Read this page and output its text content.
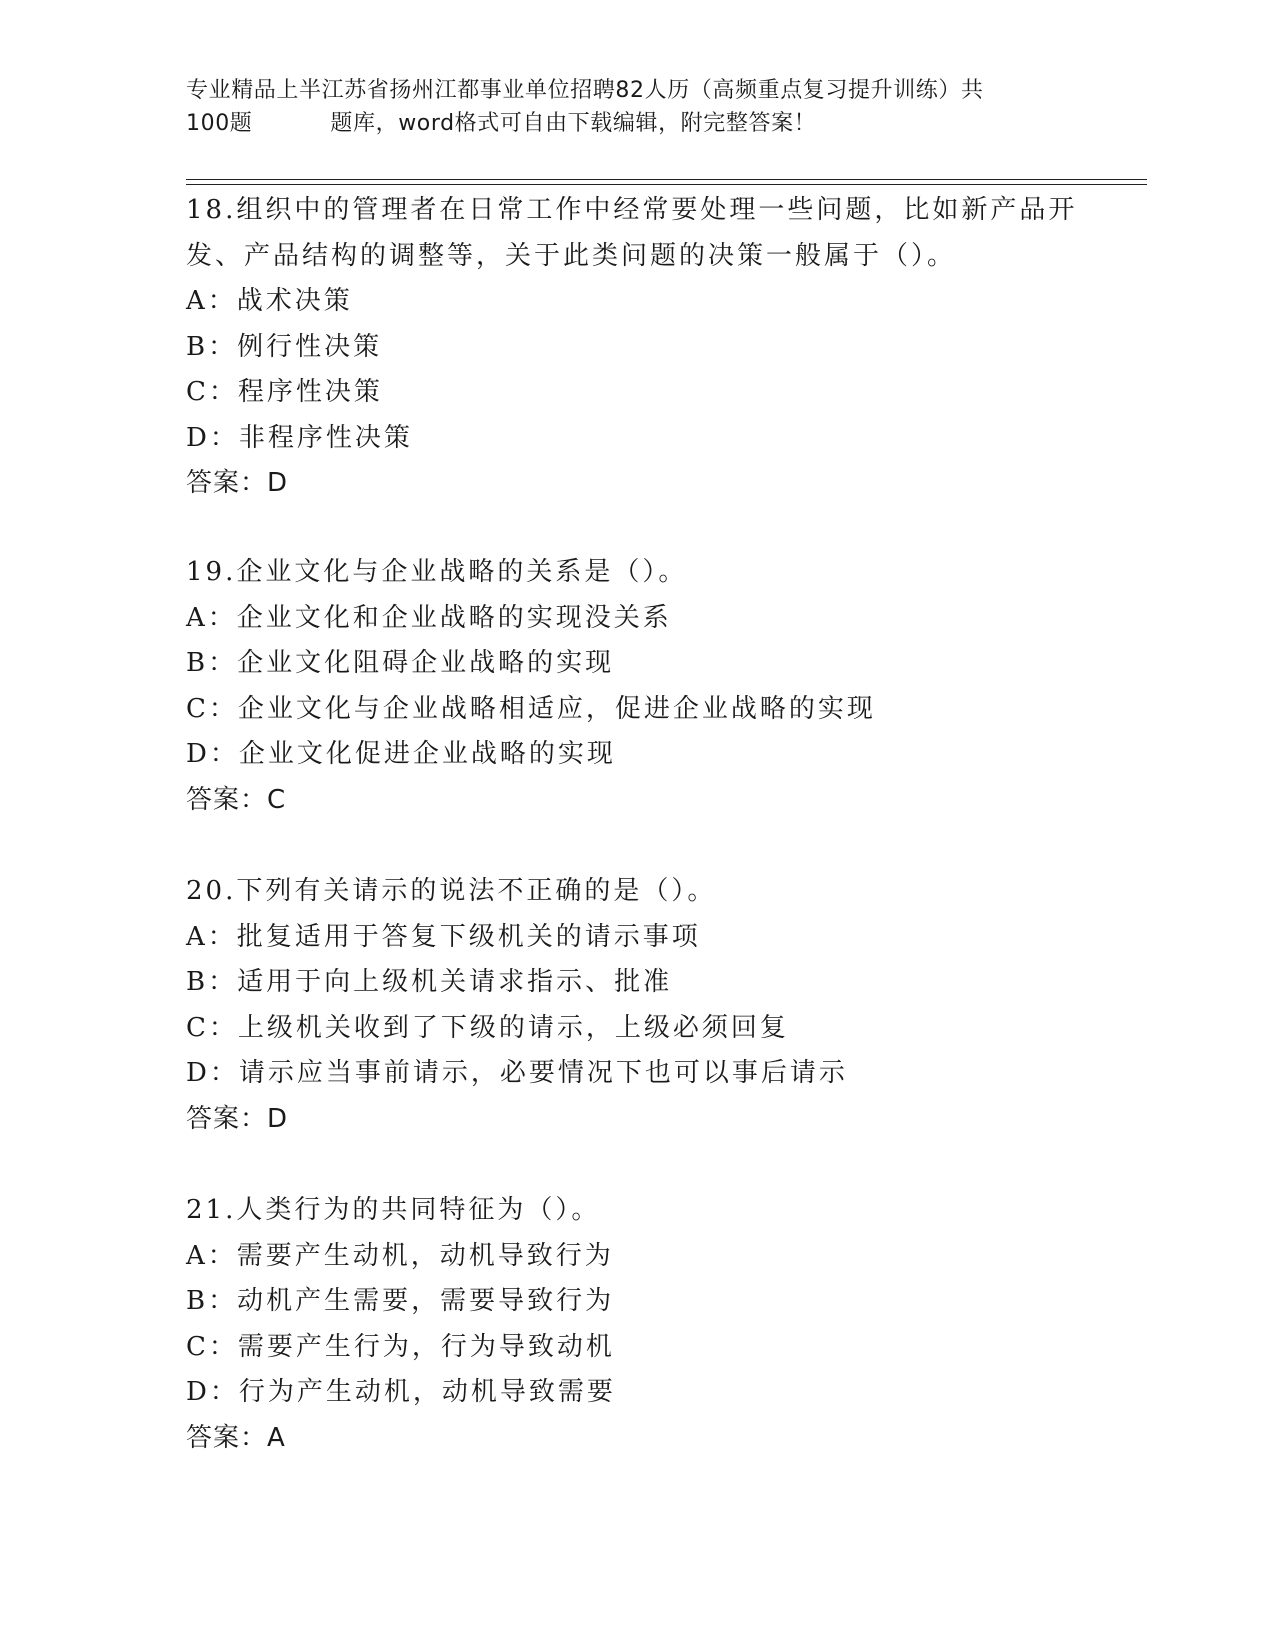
专业精品上半江苏省扬州江都事业单位招聘82人历（高频重点复习提升训练）共
100题	题库，word格式可自由下载编辑，附完整答案！
18.组织中的管理者在日常工作中经常要处理一些问题，比如新产品开
发、产品结构的调整等，关于此类问题的决策一般属于（）。
A：战术决策
B：例行性决策
C：程序性决策
D：非程序性决策
答案：D
19.企业文化与企业战略的关系是（）。
A：企业文化和企业战略的实现没关系
B：企业文化阻碍企业战略的实现
C：企业文化与企业战略相适应，促进企业战略的实现
D：企业文化促进企业战略的实现
答案：C
20.下列有关请示的说法不正确的是（）。
A：批复适用于答复下级机关的请示事项
B：适用于向上级机关请求指示、批准
C：上级机关收到了下级的请示，上级必须回复
D：请示应当事前请示，必要情况下也可以事后请示
答案：D
21.人类行为的共同特征为（）。
A：需要产生动机，动机导致行为
B：动机产生需要，需要导致行为
C：需要产生行为，行为导致动机
D：行为产生动机，动机导致需要
答案：A
